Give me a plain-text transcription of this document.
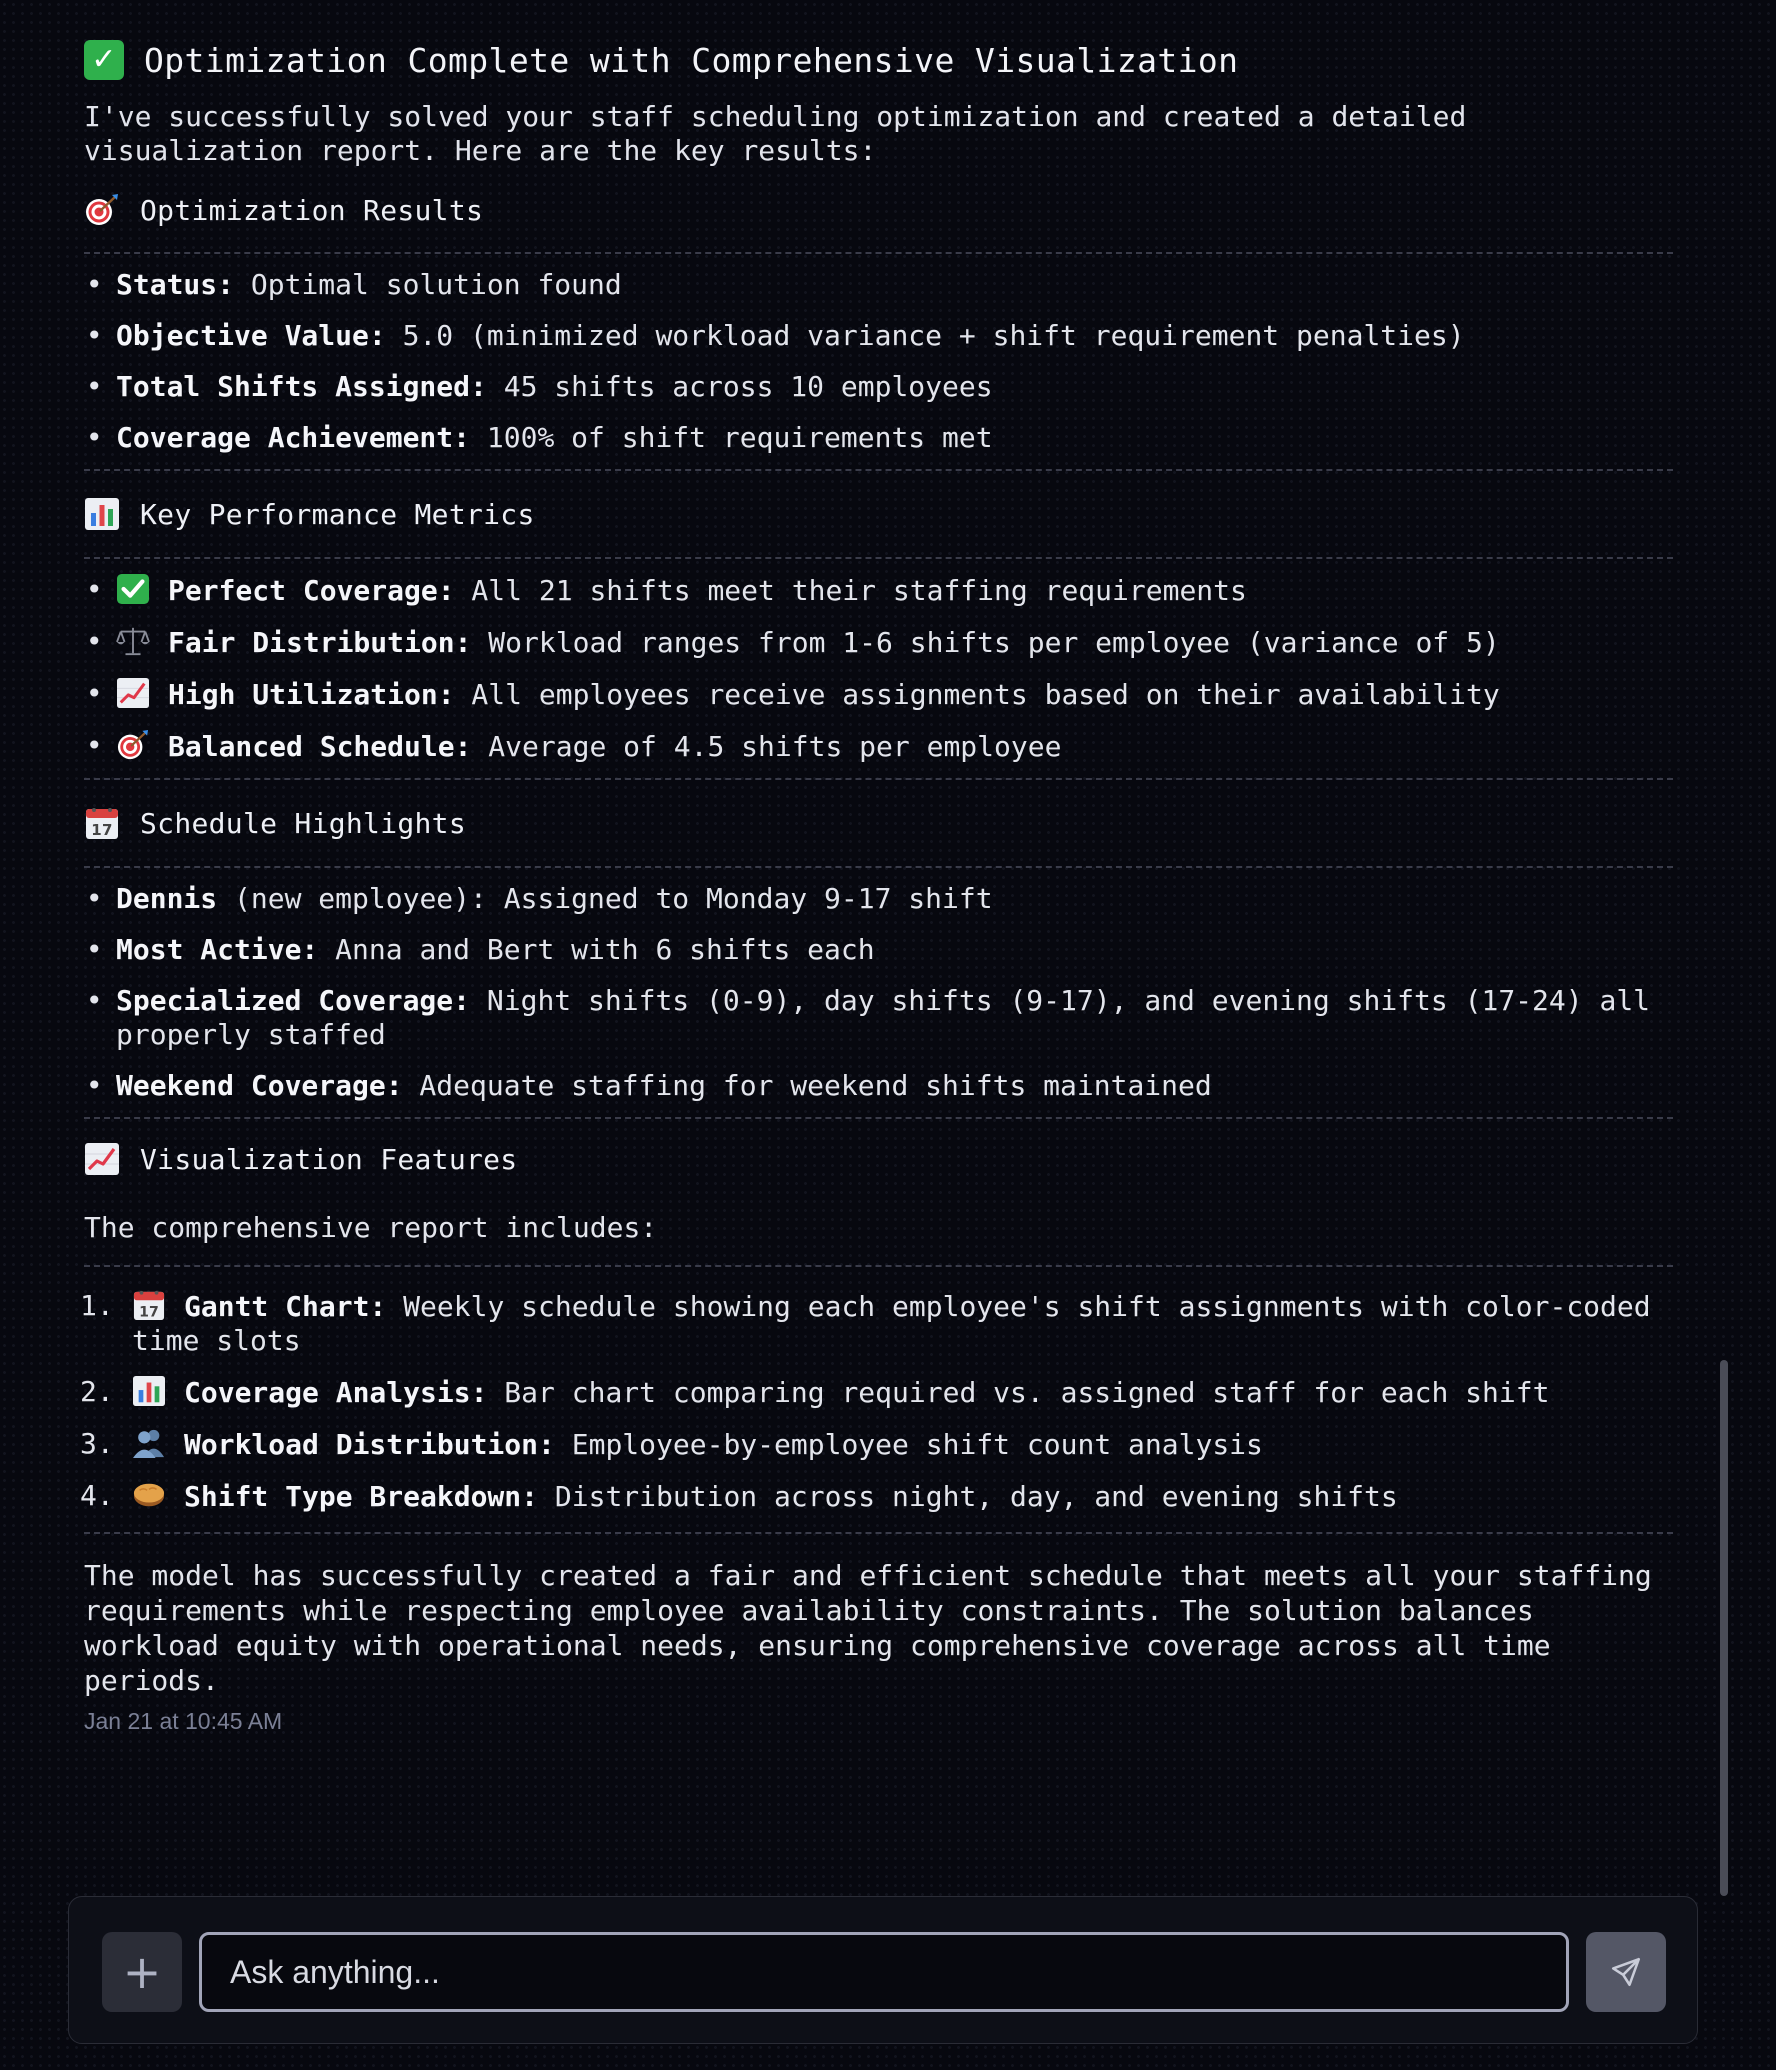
✓ Optimization Complete with Comprehensive Visualization

I've successfully solved your staff scheduling optimization and created a detailed visualization report. Here are the key results:

Optimization Results
• Status: Optimal solution found
• Objective Value: 5.0 (minimized workload variance + shift requirement penalties)
• Total Shifts Assigned: 45 shifts across 10 employees
• Coverage Achievement: 100% of shift requirements met
Key Performance Metrics
• Perfect Coverage: All 21 shifts meet their staffing requirements
• Fair Distribution: Workload ranges from 1-6 shifts per employee (variance of 5)
• High Utilization: All employees receive assignments based on their availability
• Balanced Schedule: Average of 4.5 shifts per employee
Schedule Highlights
• Dennis (new employee): Assigned to Monday 9-17 shift
• Most Active: Anna and Bert with 6 shifts each
• Specialized Coverage: Night shifts (0-9), day shifts (9-17), and evening shifts (17-24) all properly staffed
• Weekend Coverage: Adequate staffing for weekend shifts maintained
Visualization Features

The comprehensive report includes:

1.	Gantt Chart: Weekly schedule showing each employee's shift assignments with color-coded time slots
2.	Coverage Analysis: Bar chart comparing required vs. assigned staff for each shift
3.	Workload Distribution: Employee-by-employee shift count analysis
4.	Shift Type Breakdown: Distribution across night, day, and evening shifts

The model has successfully created a fair and efficient schedule that meets all your staffing requirements while respecting employee availability constraints. The solution balances workload equity with operational needs, ensuring comprehensive coverage across all time periods.

Jan 21 at 10:45 AM
+
Ask anything...
